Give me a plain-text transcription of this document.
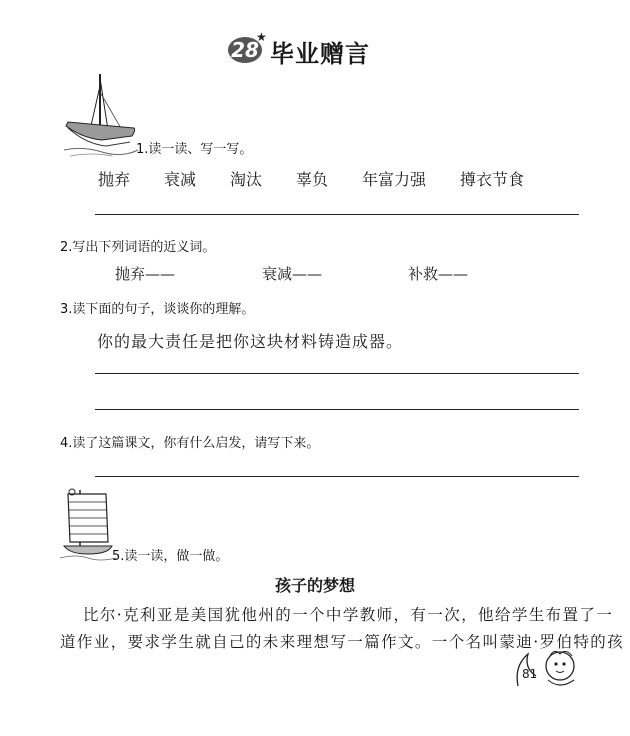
28
★
毕业赠言
1.读一读、写一写。
抛弃 衰减 淘汰 辜负 年富力强 撙衣节食
2.写出下列词语的近义词。
抛弃——	衰减——	补救——
3.读下面的句子，谈谈你的理解。
你的最大责任是把你这块材料铸造成器。
4.读了这篇课文，你有什么启发，请写下来。
5.读一读，做一做。
孩子的梦想
比尔·克利亚是美国犹他州的一个中学教师，有一次，他给学生布置了一
道作业，要求学生就自己的未来理想写一篇作文。一个名叫蒙迪·罗伯特的孩
81
